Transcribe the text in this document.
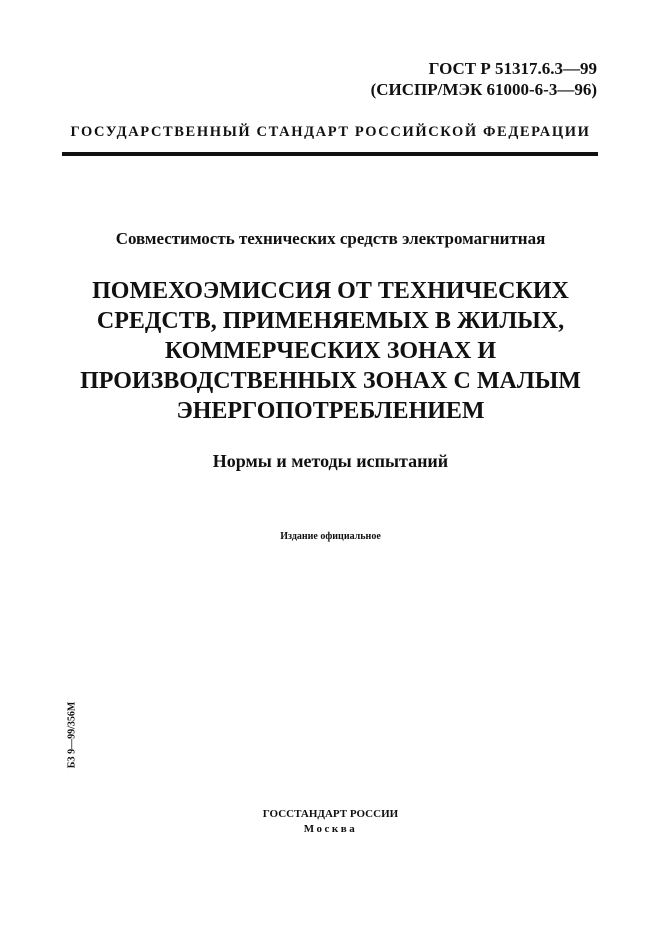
ГОСТ Р 51317.6.3—99
(СИСПР/МЭК 61000-6-3—96)
ГОСУДАРСТВЕННЫЙ СТАНДАРТ РОССИЙСКОЙ ФЕДЕРАЦИИ
Совместимость технических средств электромагнитная
ПОМЕХОЭМИССИЯ ОТ ТЕХНИЧЕСКИХ
СРЕДСТВ, ПРИМЕНЯЕМЫХ В ЖИЛЫХ,
КОММЕРЧЕСКИХ ЗОНАХ И
ПРОИЗВОДСТВЕННЫХ ЗОНАХ С МАЛЫМ
ЭНЕРГОПОТРЕБЛЕНИЕМ
Нормы и методы испытаний
Издание официальное
БЗ 9—99/356М
ГОССТАНДАРТ РОССИИ
Москва
